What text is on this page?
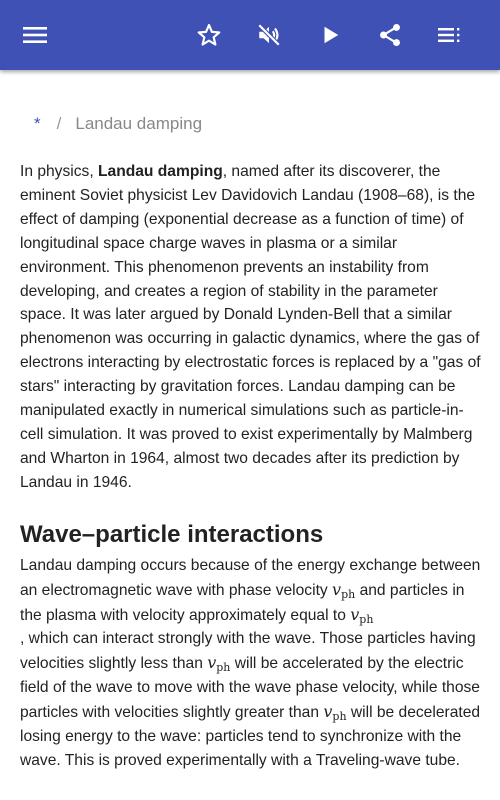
* / Landau damping

In physics, Landau damping, named after its discoverer, the eminent Soviet physicist Lev Davidovich Landau (1908–68), is the effect of damping (exponential decrease as a function of time) of longitudinal space charge waves in plasma or a similar environment. This phenomenon prevents an instability from developing, and creates a region of stability in the parameter space. It was later argued by Donald Lynden-Bell that a similar phenomenon was occurring in galactic dynamics, where the gas of electrons interacting by electrostatic forces is replaced by a "gas of stars" interacting by gravitation forces. Landau damping can be manipulated exactly in numerical simulations such as particle-in-cell simulation. It was proved to exist experimentally by Malmberg and Wharton in 1964, almost two decades after its prediction by Landau in 1946.

Wave–particle interactions

Landau damping occurs because of the energy exchange between an electromagnetic wave with phase velocity $v_{ph}$ and particles in the plasma with velocity approximately equal to $v_{ph}$
, which can interact strongly with the wave. Those particles having velocities slightly less than $v_{ph}$ will be accelerated by the electric field of the wave to move with the wave phase velocity, while those particles with velocities slightly greater than $v_{ph}$ will be decelerated losing energy to the wave: particles tend to synchronize with the wave. This is proved experimentally with a Traveling-wave tube.
